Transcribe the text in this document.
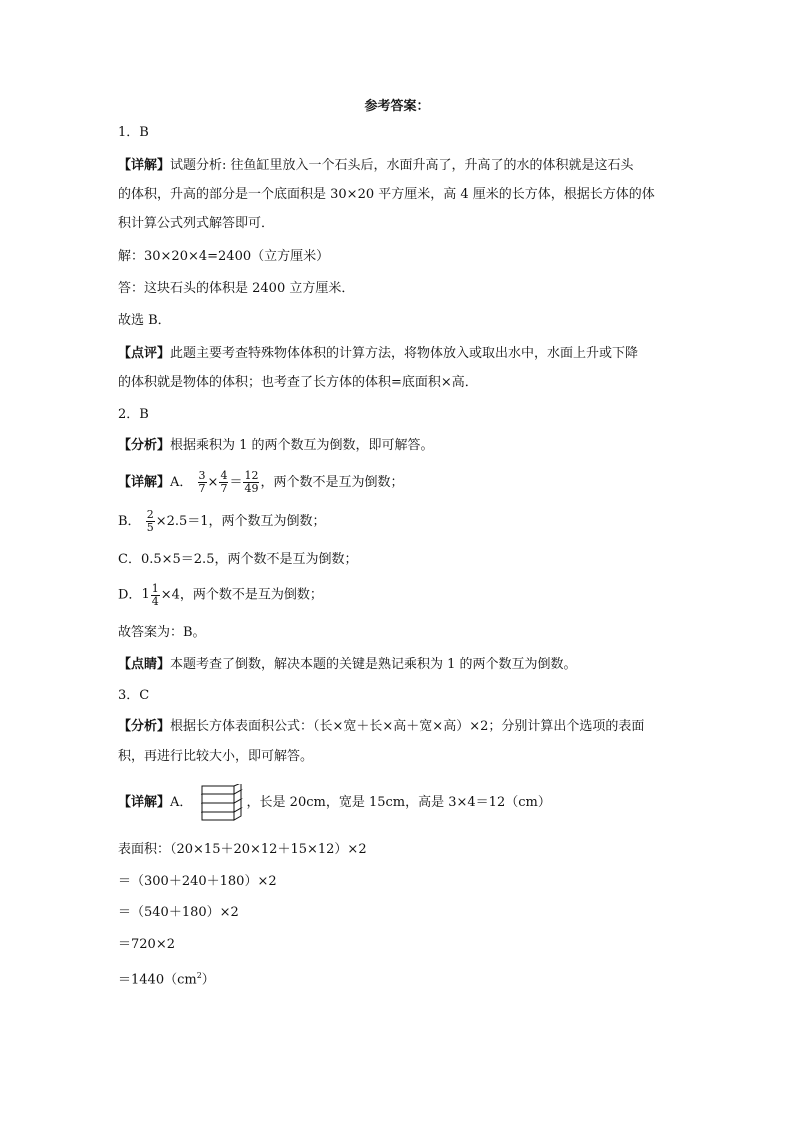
参考答案：
1．B
【详解】试题分析: 往鱼缸里放入一个石头后，水面升高了，升高了的水的体积就是这石头
的体积，升高的部分是一个底面积是 30×20 平方厘米，高 4 厘米的长方体，根据长方体的体
积计算公式列式解答即可．
解：30×20×4=2400（立方厘米）
答：这块石头的体积是 2400 立方厘米．
故选 B．
【点评】此题主要考查特殊物体体积的计算方法，将物体放入或取出水中，水面上升或下降
的体积就是物体的体积；也考查了长方体的体积=底面积×高．
2．B
【分析】根据乘积为 1 的两个数互为倒数，即可解答。
【详解】A． $\frac{3}{7} \times \frac{4}{7} = \frac{12}{49}$ ，两个数不是互为倒数；
B． $\frac{2}{5} \times 2.5=1$，两个数互为倒数；
C．0.5×5＝2.5，两个数不是互为倒数；
D．$1 \frac{1}{4} \times 4$，两个数不是互为倒数；
故答案为：B。
【点睛】本题考查了倒数，解决本题的关键是熟记乘积为 1 的两个数互为倒数。
3．C
【分析】根据长方体表面积公式：（长×宽＋长×高＋宽×高）×2；分别计算出个选项的表面
积，再进行比较大小，即可解答。
【详解】A．	，长是 20cm，宽是 15cm，高是 3×4＝12（cm）
表面积：（20×15＋20×12＋15×12）×2
＝（300＋240＋180）×2
＝（540＋180）×2
＝720×2
$=1440(cm^2)$
